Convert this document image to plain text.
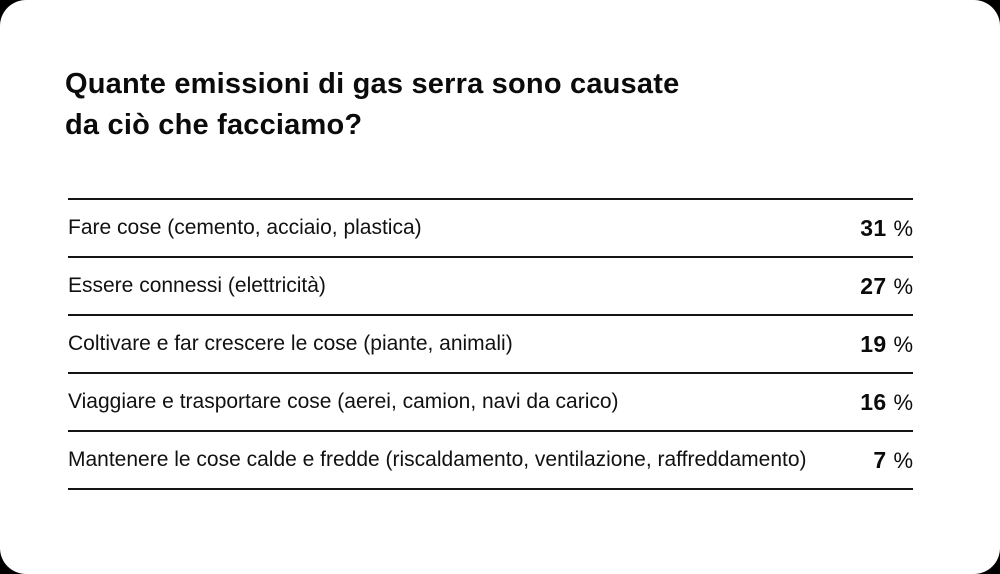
Quante emissioni di gas serra sono causate
da ciò che facciamo?
Fare cose (cemento, acciaio, plastica)	31 %
Essere connessi (elettricità)	27 %
Coltivare e far crescere le cose (piante, animali)	19 %
Viaggiare e trasportare cose (aerei, camion, navi da carico)	16 %
Mantenere le cose calde e fredde (riscaldamento, ventilazione, raffreddamento)	7 %
